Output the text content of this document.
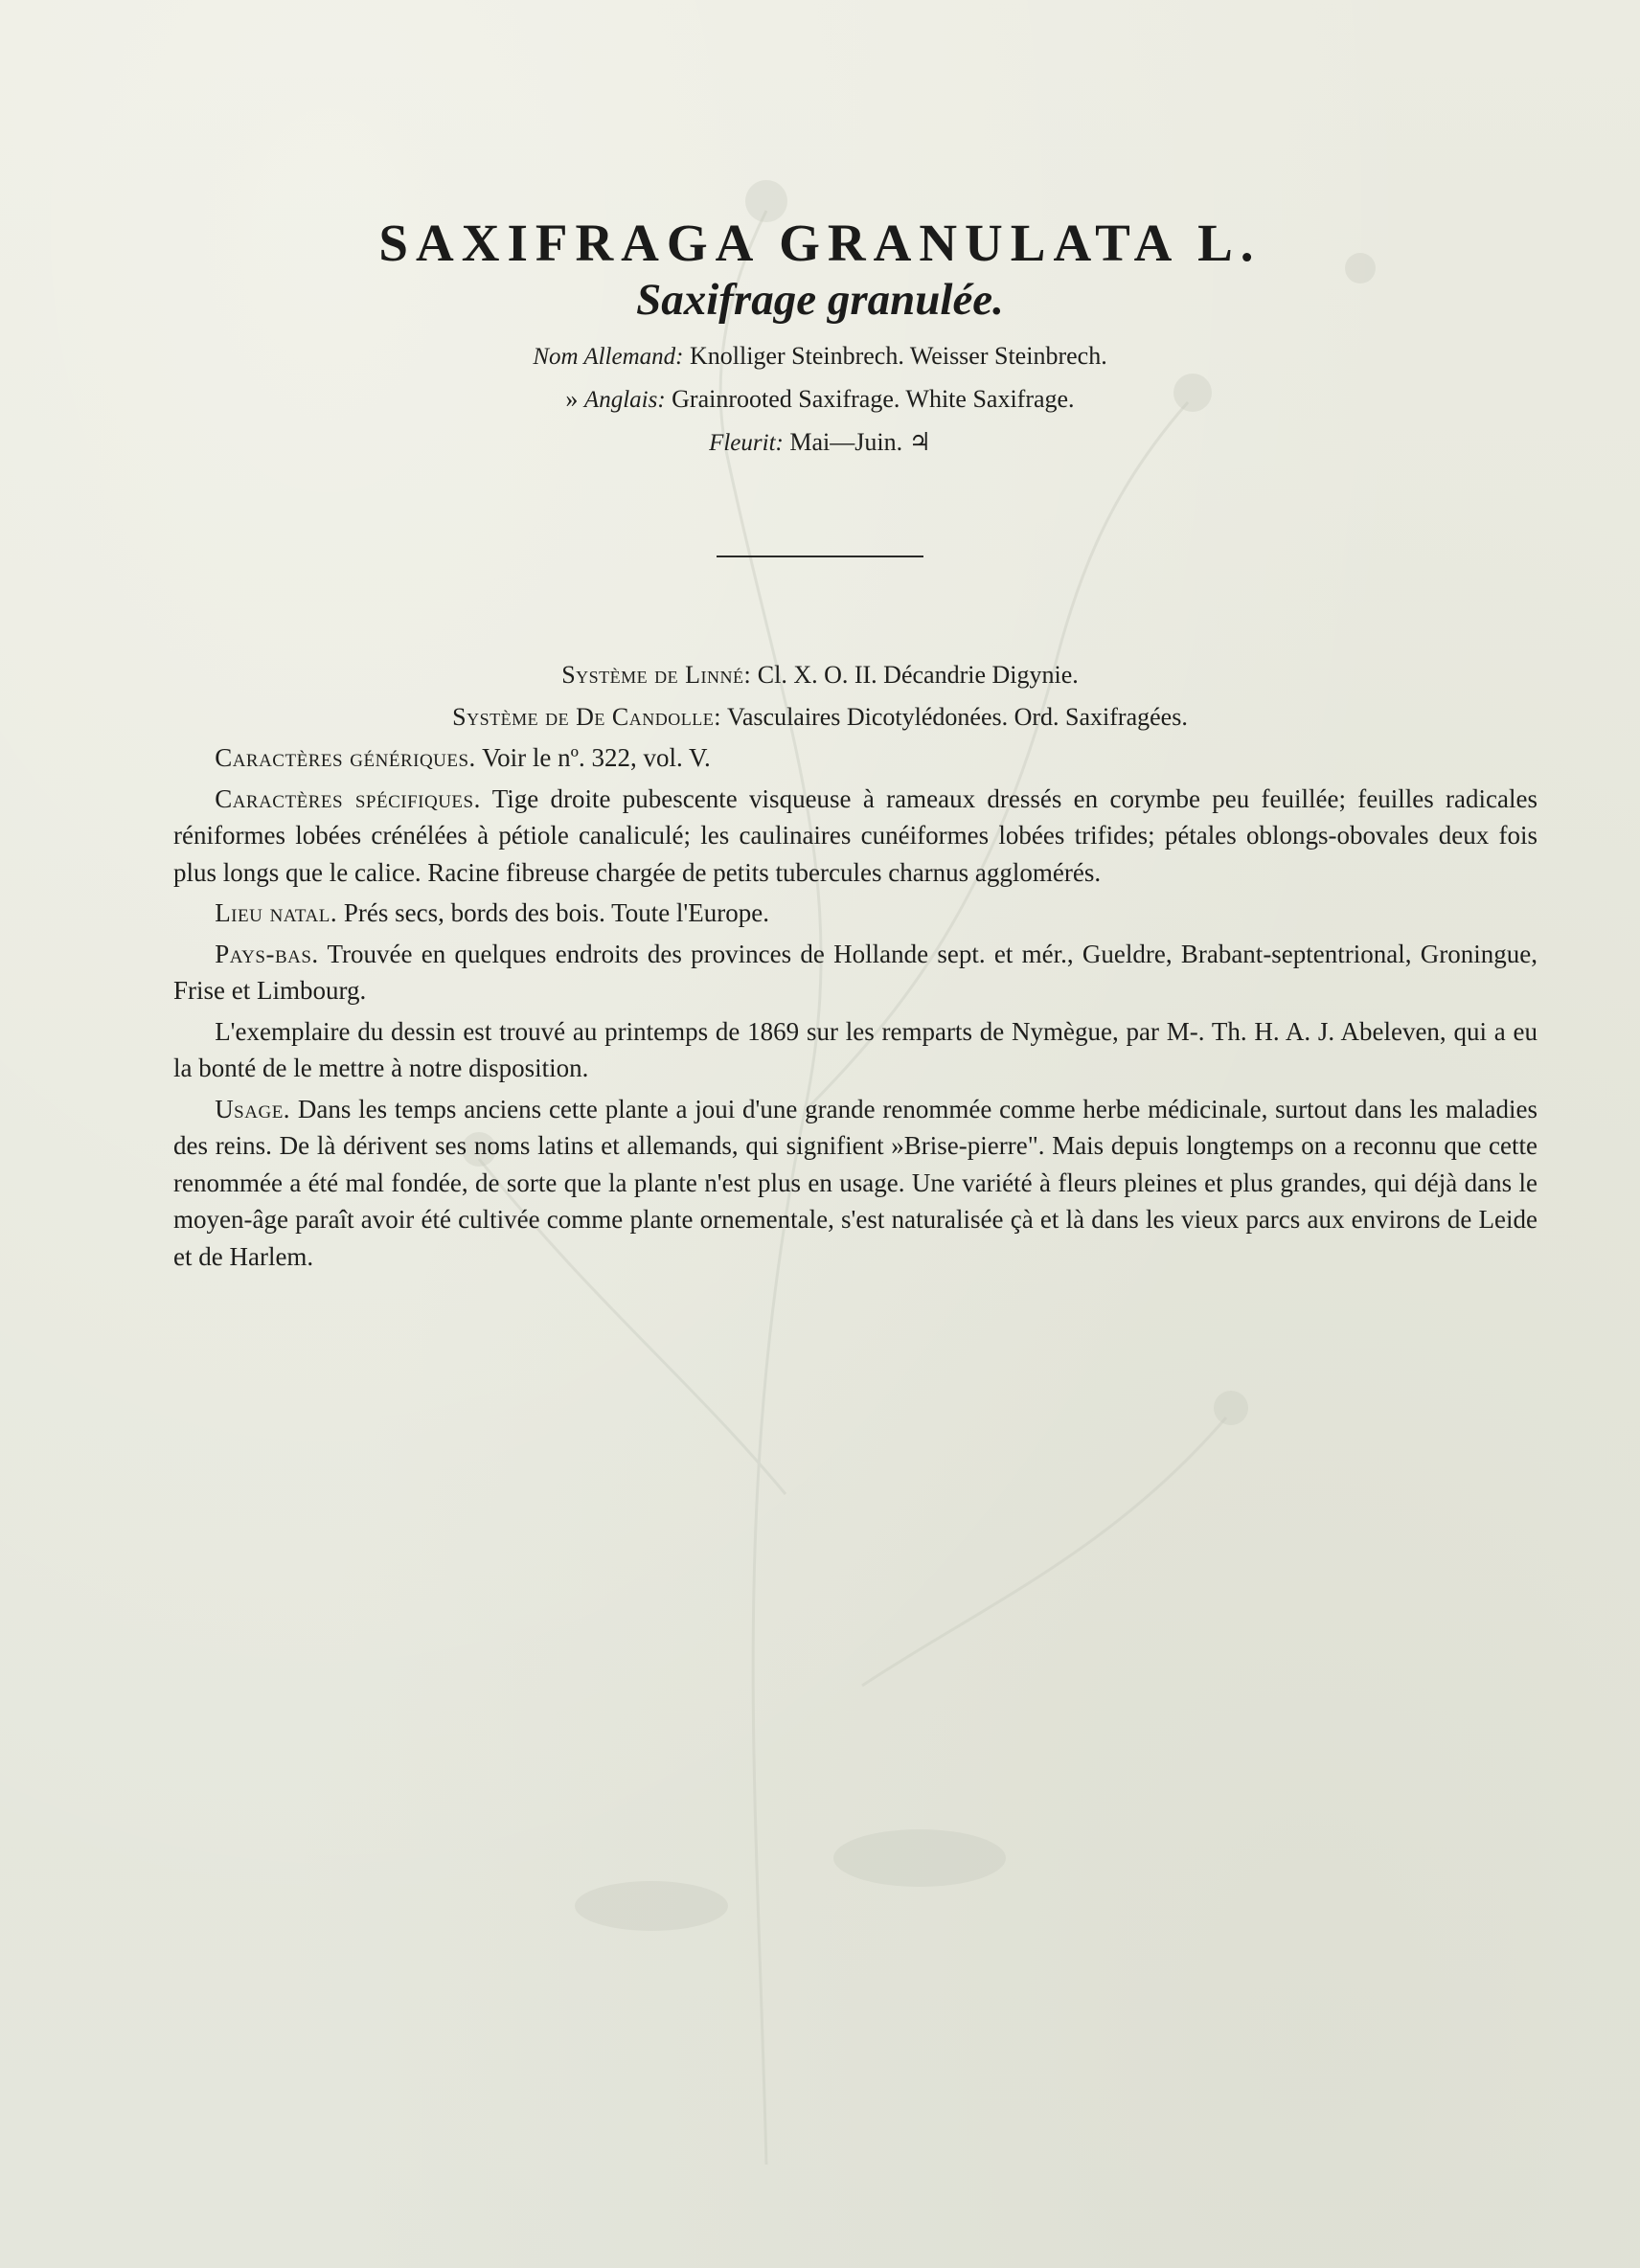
SAXIFRAGA GRANULATA L.
Saxifrage granulée.
Nom Allemand: Knolliger Steinbrech. Weisser Steinbrech.
» Anglais: Grainrooted Saxifrage. White Saxifrage.
Fleurit: Mai—Juin. ♃
Système de Linné: Cl. X. O. II. Décandrie Digynie.
Système de De Candolle: Vasculaires Dicotylédonées. Ord. Saxifragées.

Caractères génériques. Voir le nº. 322, vol. V.

Caractères spécifiques. Tige droite pubescente visqueuse à rameaux dressés en corymbe peu feuillée; feuilles radicales réniformes lobées crénélées à pétiole canaliculé; les caulinaires cunéiformes lobées trifides; pétales oblongs-obovales deux fois plus longs que le calice. Racine fibreuse chargée de petits tubercules charnus agglomérés.

Lieu natal. Prés secs, bords des bois. Toute l'Europe.

Pays-bas. Trouvée en quelques endroits des provinces de Hollande sept. et mér., Gueldre, Brabant-septentrional, Groningue, Frise et Limbourg.

L'exemplaire du dessin est trouvé au printemps de 1869 sur les remparts de Nymègue, par M-. Th. H. A. J. Abeleven, qui a eu la bonté de le mettre à notre disposition.

Usage. Dans les temps anciens cette plante a joui d'une grande renommée comme herbe médicinale, surtout dans les maladies des reins. De là dérivent ses noms latins et allemands, qui signifient »Brise-pierre". Mais depuis longtemps on a reconnu que cette renommée a été mal fondée, de sorte que la plante n'est plus en usage. Une variété à fleurs pleines et plus grandes, qui déjà dans le moyen-âge paraît avoir été cultivée comme plante ornementale, s'est naturalisée çà et là dans les vieux parcs aux environs de Leide et de Harlem.
